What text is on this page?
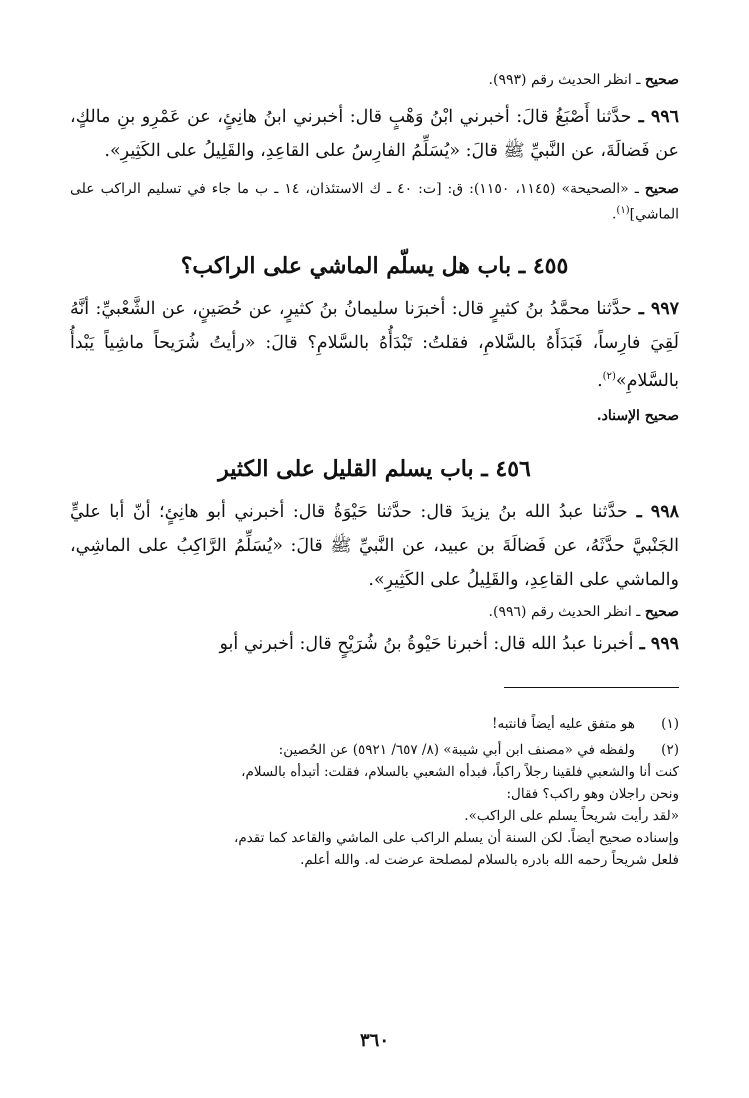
صحيح ـ انظر الحديث رقم (٩٩٣).
٩٩٦ ـ حدَّثنا أَصْبَغُ قالَ: أخبرني ابْنُ وَهْبٍ قال: أخبرني ابنُ هانِئٍ، عن عَمْرِو بنِ مالكٍ، عن فَضالَةَ، عن النَّبيِّ ﷺ قالَ: «يُسَلِّمُ الفارِسُ على القاعِدِ، والقَلِيلُ على الكَثِيرِ».
صحيح ـ «الصحيحة» (١١٤٥، ١١٥٠): ق: [ت: ٤٠ ـ ك الاستئذان، ١٤ ـ ب ما جاء في تسليم الراكب على الماشي]$^{(١)}$.
٤٥٥ ـ باب هل يسلّم الماشي على الراكب؟
٩٩٧ ـ حدَّثنا محمَّدُ بنُ كثيرٍ قال: أخبرَنا سليمانُ بنُ كثيرٍ، عن حُصَينٍ، عن الشَّعْبيِّ: أنَّهُ لَقِيَ فارِساً، فَبَدَأَهُ بالسَّلامِ، فقلتُ: تَبْدَأُهُ بالسَّلامِ؟ قالَ: «رأيتُ شُرَيحاً ماشِياً يَبْدأُ بالسَّلامِ»$^{(٢)}$.
صحيح الإسناد.
٤٥٦ ـ باب يسلم القليل على الكثير
٩٩٨ ـ حدَّثنا عبدُ الله بنُ يزيدَ قال: حدَّثنا حَيْوَةُ قال: أخبرني أبو هانِئٍ؛ أنّ أبا عليٍّ الجَنْبيَّ حدَّثَهُ، عن فَضالَةَ بن عبيد، عن النَّبيِّ ﷺ قالَ: «يُسَلِّمُ الرَّاكِبُ على الماشِي، والماشي على القاعِدِ، والقَلِيلُ على الكَثِيرِ».
صحيح ـ انظر الحديث رقم (٩٩٦).
٩٩٩ ـ أخبرنا عبدُ الله قال: أخبرنا حَيْوةُ بنُ شُرَيْحٍ قال: أخبرني أبو
(١)
هو متفق عليه أيضاً فانتبه!
(٢)
ولفظه في «مصنف ابن أبي شيبة» (٨/ ٦٥٧/ ٥٩٢١) عن الحُصين:
كنت أنا والشعبي فلقينا رجلاً راكباً، فبدأه الشعبي بالسلام، فقلت: أتبدأه بالسلام،
ونحن راجلان وهو راكب؟ فقال:
«لقد رأيت شريحاً يسلم على الراكب».
وإسناده صحيح أيضاً. لكن السنة أن يسلم الراكب على الماشي والقاعد كما تقدم،
فلعل شريحاً رحمه الله بادره بالسلام لمصلحة عرضت له. والله أعلم.
٣٦٠
